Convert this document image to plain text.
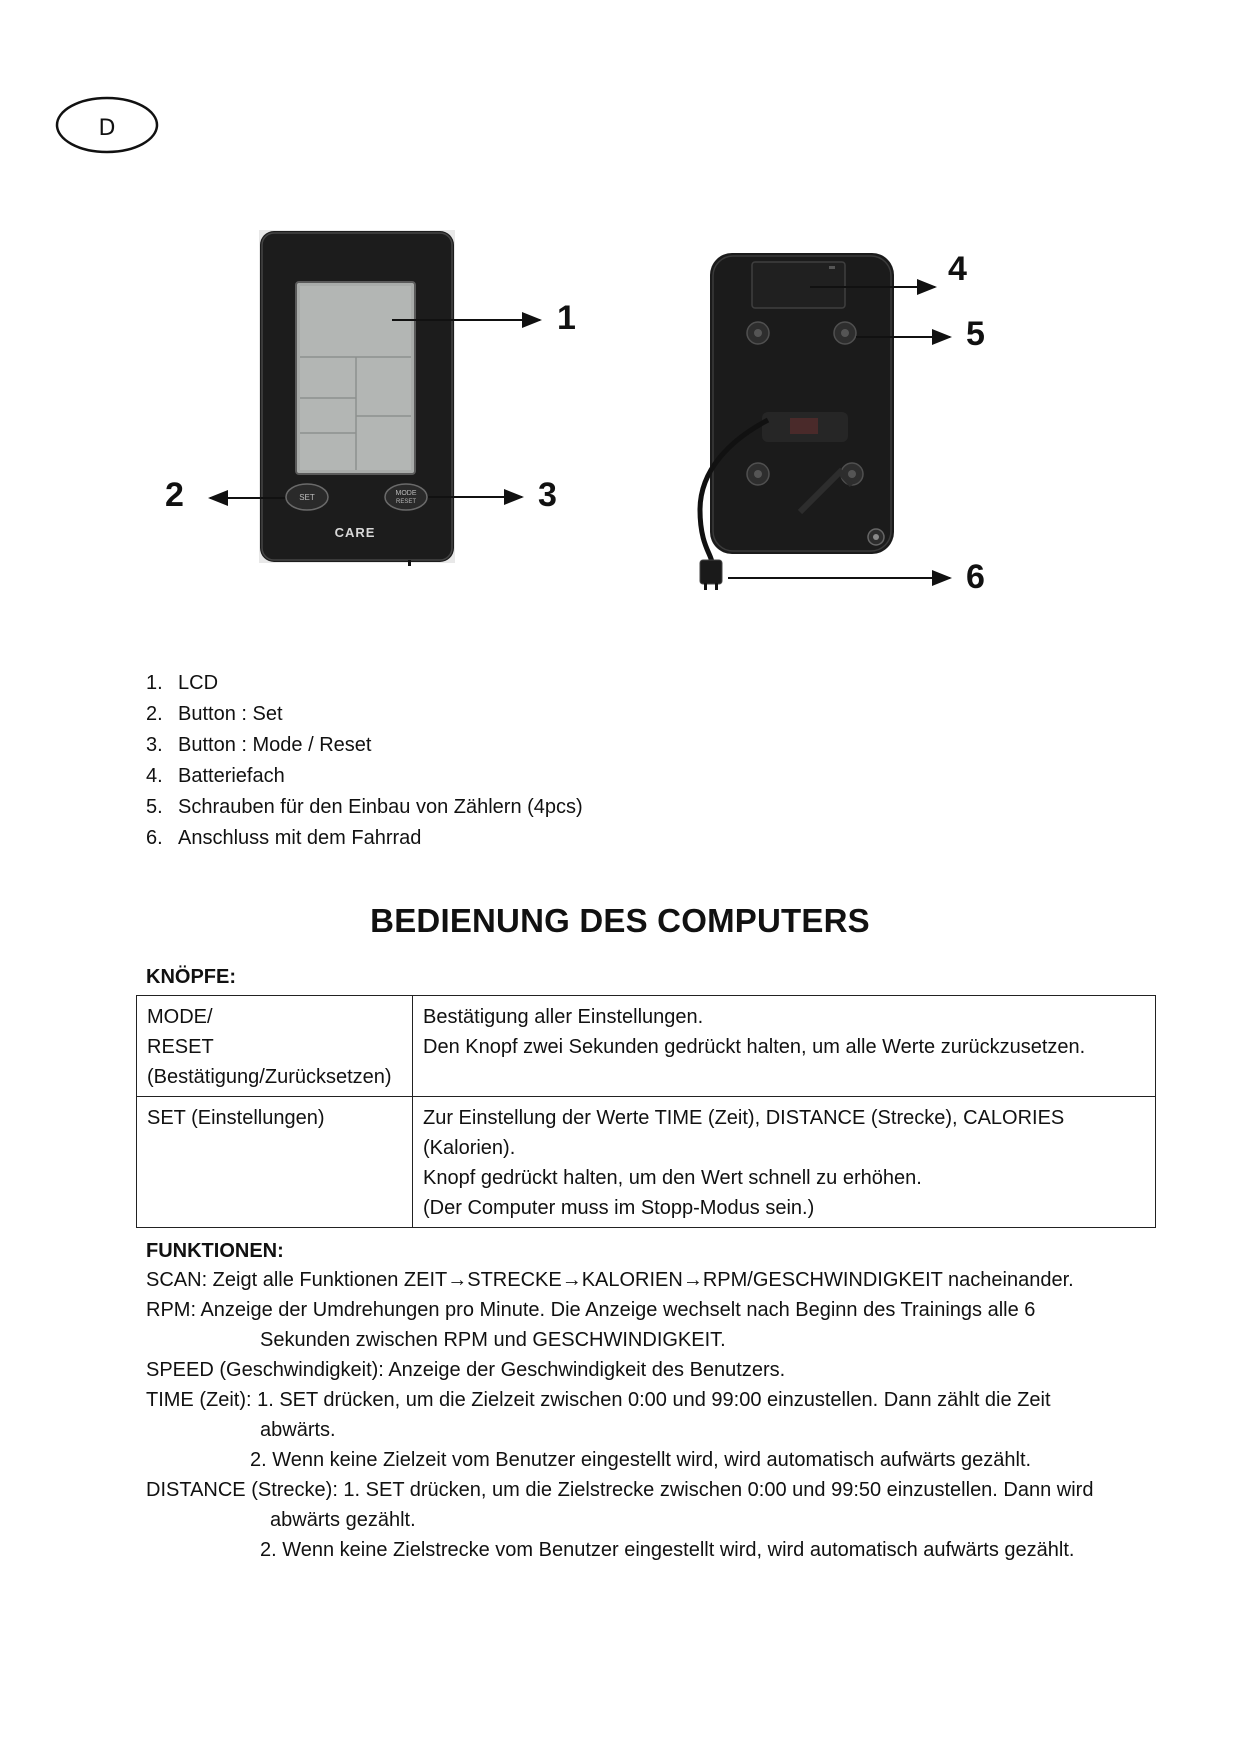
D
SET	MODE
RESET
CARE
1
2	3
4
5
6
1. LCD
2. Button : Set
3. Button : Mode / Reset
4. Batteriefach
5. Schrauben für den Einbau von Zählern (4pcs)
6. Anschluss mit dem Fahrrad
BEDIENUNG DES COMPUTERS
KNÖPFE:
MODE/
RESET
(Bestätigung/Zurücksetzen)	Bestätigung aller Einstellungen.
Den Knopf zwei Sekunden gedrückt halten, um alle Werte zurückzusetzen.

SET (Einstellungen)	Zur Einstellung der Werte TIME (Zeit), DISTANCE (Strecke), CALORIES
(Kalorien).
Knopf gedrückt halten, um den Wert schnell zu erhöhen.
(Der Computer muss im Stopp-Modus sein.)
FUNKTIONEN:
SCAN: Zeigt alle Funktionen ZEIT→STRECKE→KALORIEN→RPM/GESCHWINDIGKEIT nacheinander.
RPM: Anzeige der Umdrehungen pro Minute. Die Anzeige wechselt nach Beginn des Trainings alle 6
Sekunden zwischen RPM und GESCHWINDIGKEIT.
SPEED (Geschwindigkeit): Anzeige der Geschwindigkeit des Benutzers.
TIME (Zeit): 1. SET drücken, um die Zielzeit zwischen 0:00 und 99:00 einzustellen. Dann zählt die Zeit
abwärts.
2. Wenn keine Zielzeit vom Benutzer eingestellt wird, wird automatisch aufwärts gezählt.
DISTANCE (Strecke): 1. SET drücken, um die Zielstrecke zwischen 0:00 und 99:50 einzustellen. Dann wird
abwärts gezählt.
2. Wenn keine Zielstrecke vom Benutzer eingestellt wird, wird automatisch aufwärts gezählt.
